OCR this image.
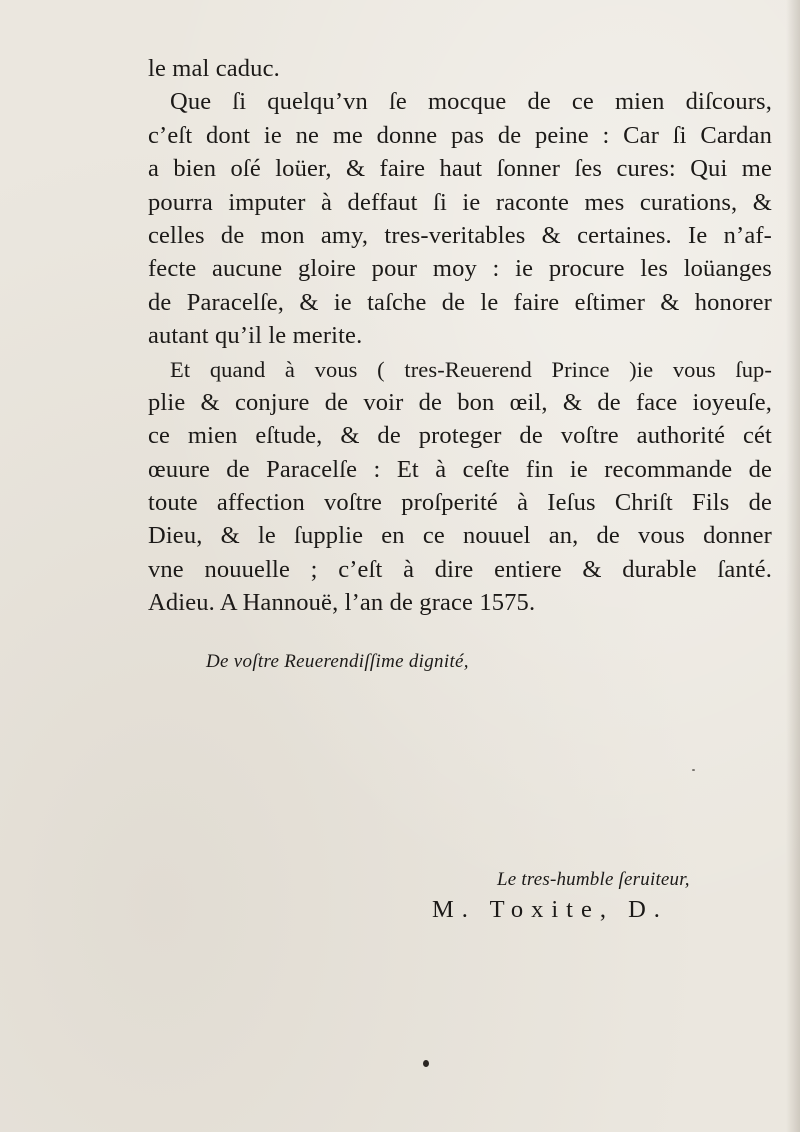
le mal caduc.

Que ſi quelqu’vn ſe mocque de ce mien diſcours,

c’eſt dont ie ne me donne pas de peine : Car ſi Cardan

a bien oſé loüer, & faire haut ſonner ſes cures: Qui me

pourra imputer à deffaut ſi ie raconte mes curations, &

celles de mon amy, tres-veritables & certaines. Ie n’af-

fecte aucune gloire pour moy : ie procure les loüanges

de Paracelſe, & ie taſche de le faire eſtimer & honorer

autant qu’il le merite.

Et quand à vous ( tres-Reuerend Prince )ie vous ſup-

plie & conjure de voir de bon œil, & de face ioyeuſe,

ce mien eſtude, & de proteger de voſtre authorité cét

œuure de Paracelſe : Et à ceſte fin ie recommande de

toute affection voſtre proſperité à Ieſus Chriſt Fils de

Dieu, & le ſupplie en ce nouuel an, de vous donner

vne nouuelle ; c’eſt à dire entiere & durable ſanté.

Adieu. A Hannouë, l’an de grace 1575.

De voſtre Reuerendiſſime dignité,
Le tres-humble ſeruiteur,
M. Toxite, D.
